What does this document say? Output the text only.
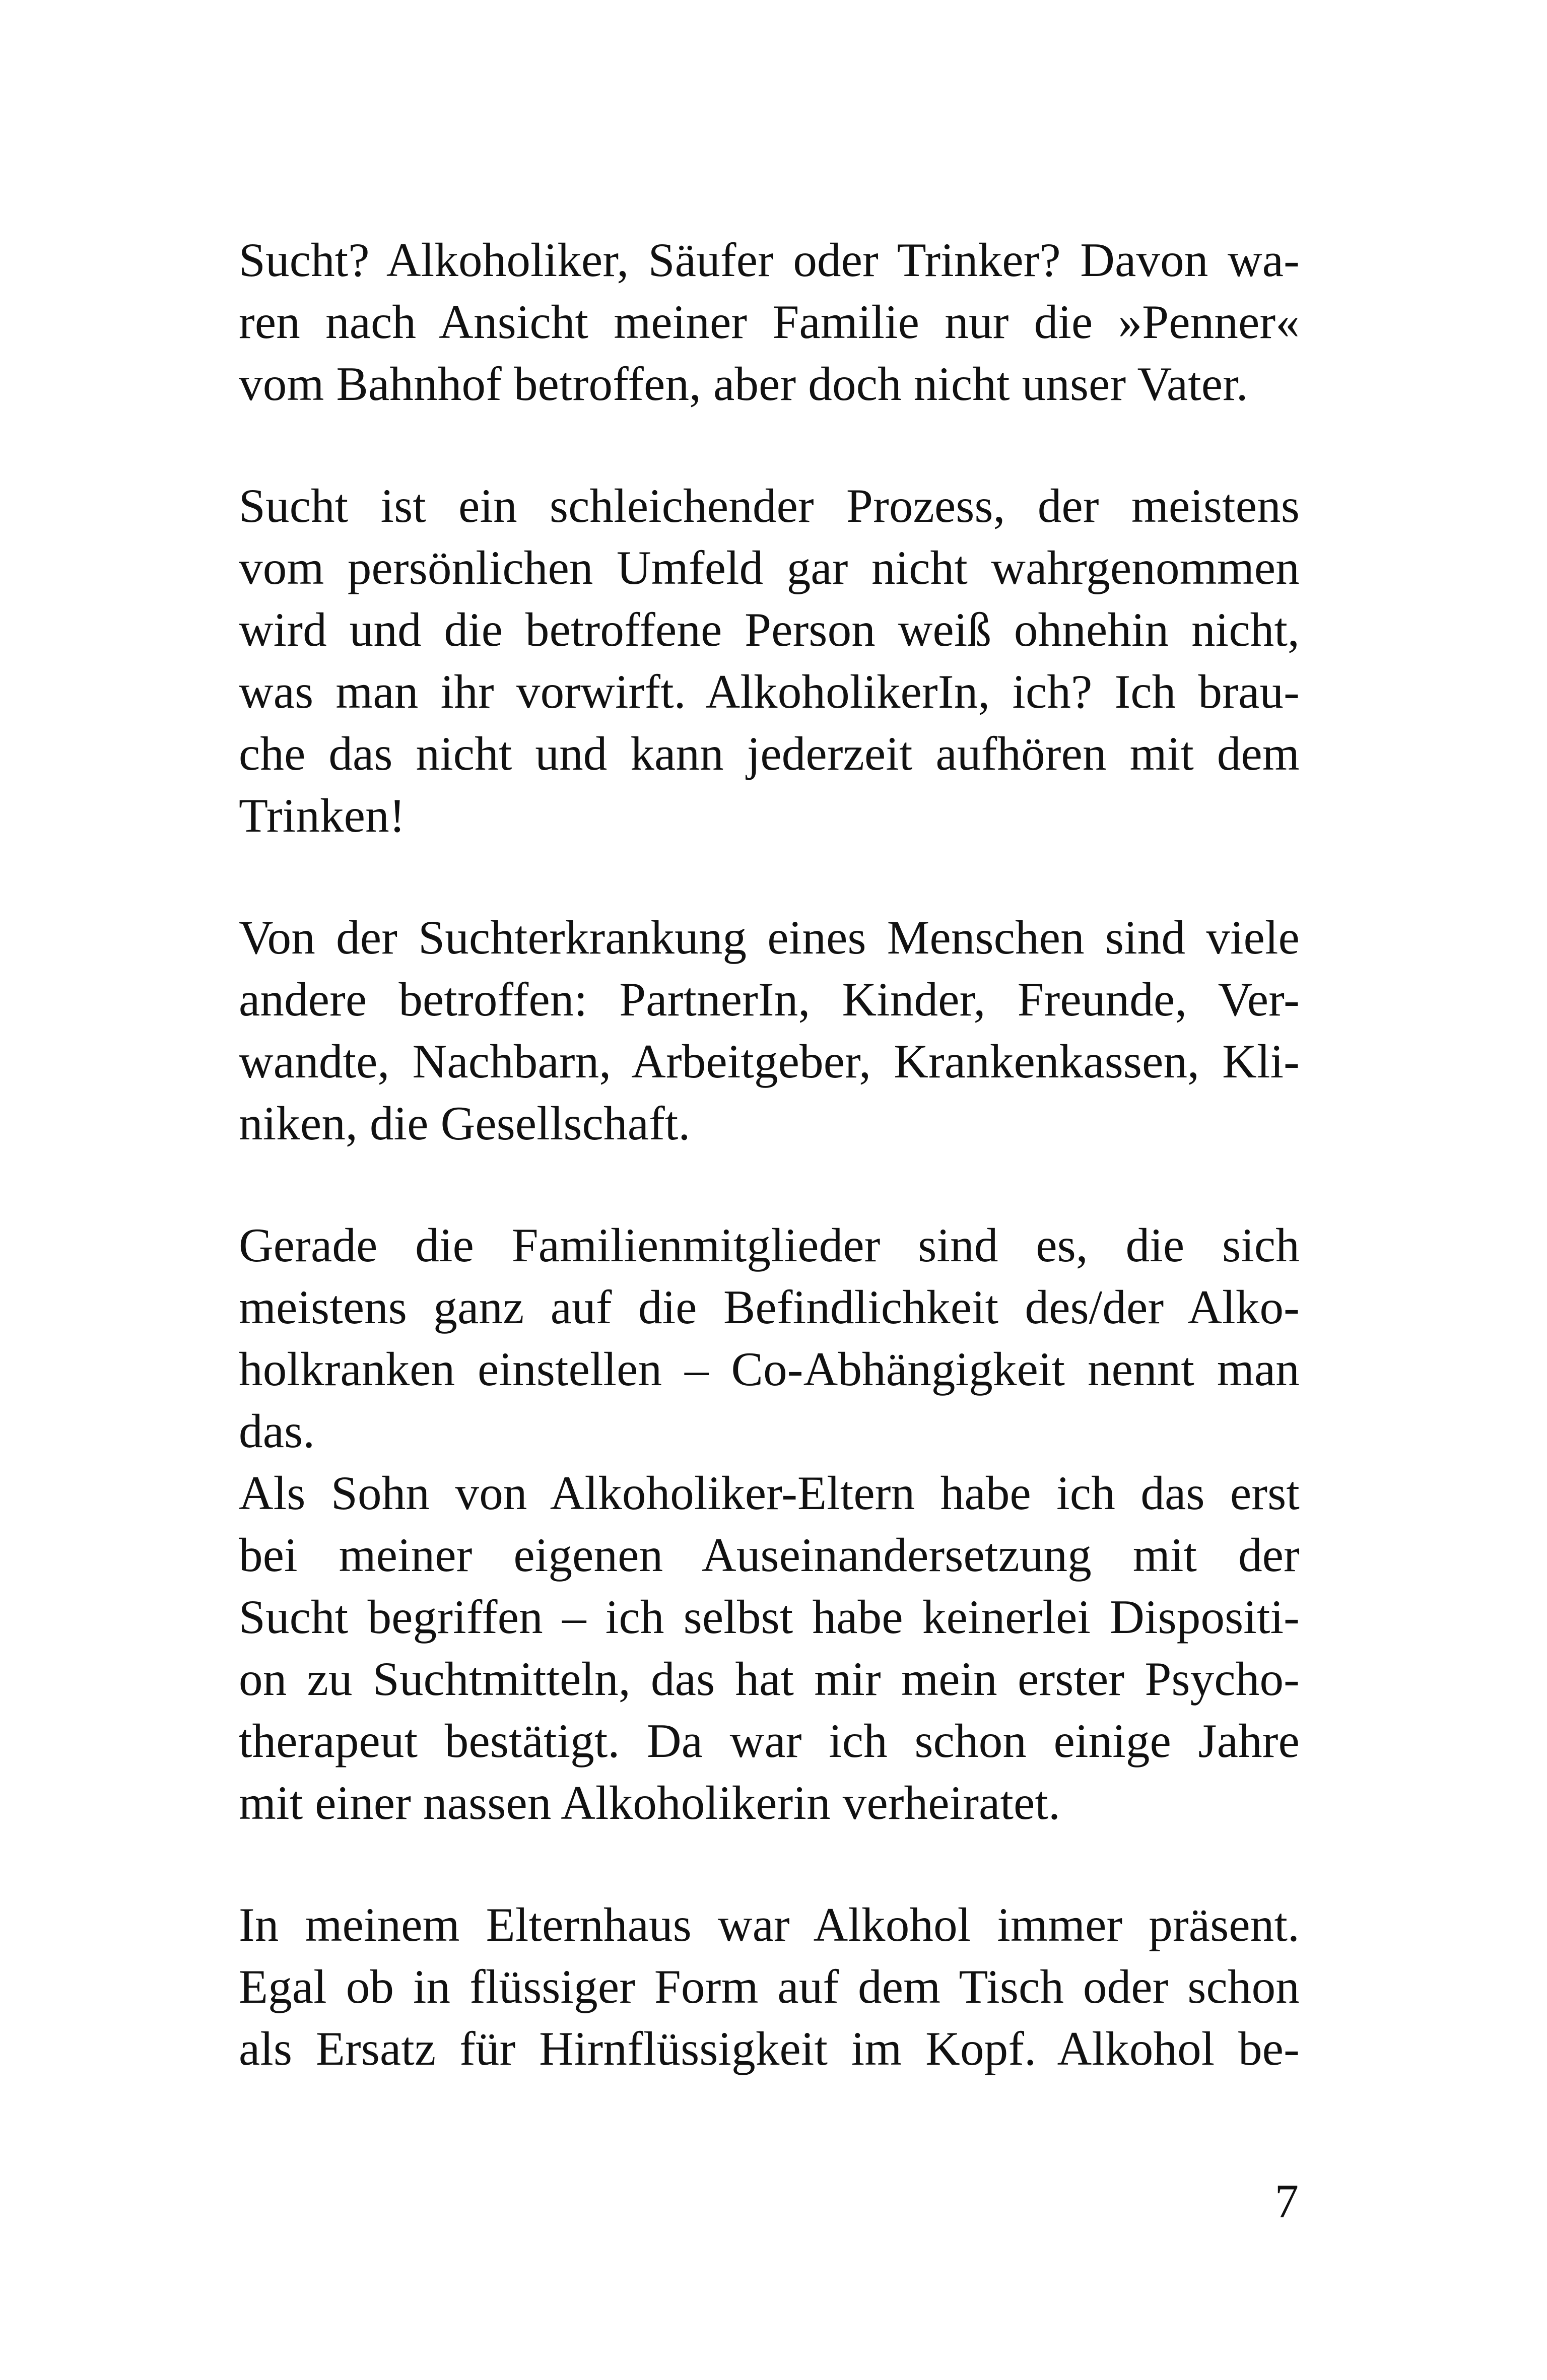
Sucht? Alkoholiker, Säufer oder Trinker? Davon wa-
ren nach Ansicht meiner Familie nur die »Penner«
vom Bahnhof betroffen, aber doch nicht unser Vater.
Sucht ist ein schleichender Prozess, der meistens
vom persönlichen Umfeld gar nicht wahrgenommen
wird und die betroffene Person weiß ohnehin nicht,
was man ihr vorwirft. AlkoholikerIn, ich? Ich brau-
che das nicht und kann jederzeit aufhören mit dem
Trinken!
Von der Suchterkrankung eines Menschen sind viele
andere betroffen: PartnerIn, Kinder, Freunde, Ver-
wandte, Nachbarn, Arbeitgeber, Krankenkassen, Kli-
niken, die Gesellschaft.
Gerade die Familienmitglieder sind es, die sich
meistens ganz auf die Befindlichkeit des/der Alko-
holkranken einstellen – Co-Abhängigkeit nennt man
das.
Als Sohn von Alkoholiker-Eltern habe ich das erst
bei meiner eigenen Auseinandersetzung mit der
Sucht begriffen – ich selbst habe keinerlei Dispositi-
on zu Suchtmitteln, das hat mir mein erster Psycho-
therapeut bestätigt. Da war ich schon einige Jahre
mit einer nassen Alkoholikerin verheiratet.
In meinem Elternhaus war Alkohol immer präsent.
Egal ob in flüssiger Form auf dem Tisch oder schon
als Ersatz für Hirnflüssigkeit im Kopf. Alkohol be-
7
